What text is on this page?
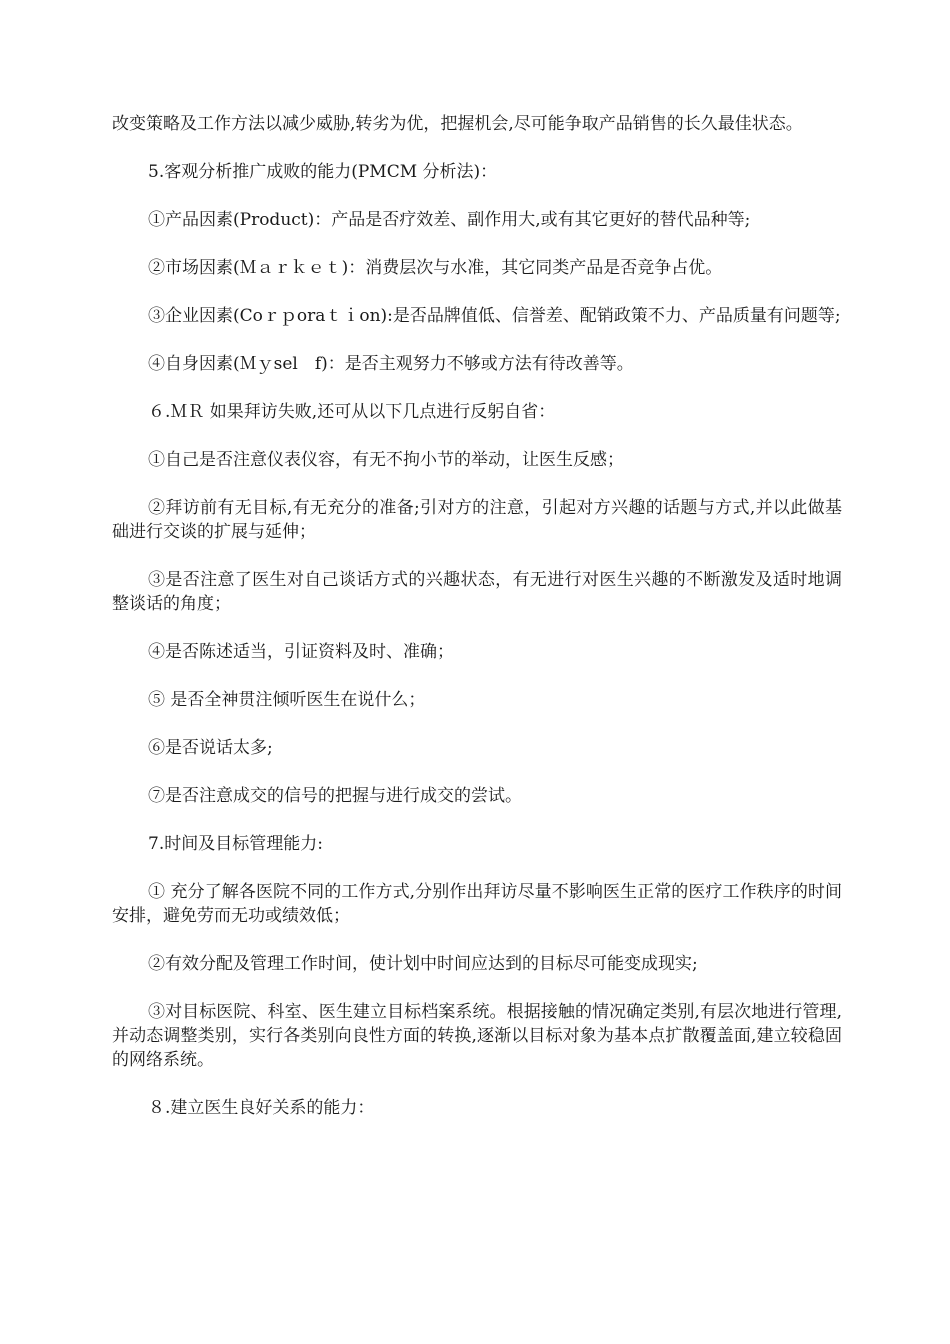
改变策略及工作方法以减少威胁,转劣为优，把握机会,尽可能争取产品销售的长久最佳状态。

5.客观分析推广成败的能力(PMCM 分析法)：

①产品因素(Product)：产品是否疗效差、副作用大,或有其它更好的替代品种等;

②市场因素(Ｍａｒｋｅｔ)：消费层次与水准，其它同类产品是否竞争占优。

③企业因素(Coｒｐoraｔｉon):是否品牌值低、信誉差、配销政策不力、产品质量有问题等;

④自身因素(Ｍｙsel　f)：是否主观努力不够或方法有待改善等。

６.ＭＲ 如果拜访失败,还可从以下几点进行反躬自省：

①自己是否注意仪表仪容，有无不拘小节的举动，让医生反感；

②拜访前有无目标,有无充分的准备;引对方的注意，引起对方兴趣的话题与方式,并以此做基础进行交谈的扩展与延伸；

③是否注意了医生对自己谈话方式的兴趣状态，有无进行对医生兴趣的不断激发及适时地调整谈话的角度；

④是否陈述适当，引证资料及时、准确；

⑤ 是否全神贯注倾听医生在说什么；

⑥是否说话太多;

⑦是否注意成交的信号的把握与进行成交的尝试。

7.时间及目标管理能力:

① 充分了解各医院不同的工作方式,分别作出拜访尽量不影响医生正常的医疗工作秩序的时间安排，避免劳而无功或绩效低；

②有效分配及管理工作时间，使计划中时间应达到的目标尽可能变成现实;

③对目标医院、科室、医生建立目标档案系统。根据接触的情况确定类别,有层次地进行管理,并动态调整类别，实行各类别向良性方面的转换,逐渐以目标对象为基本点扩散覆盖面,建立较稳固的网络系统。

８.建立医生良好关系的能力：
